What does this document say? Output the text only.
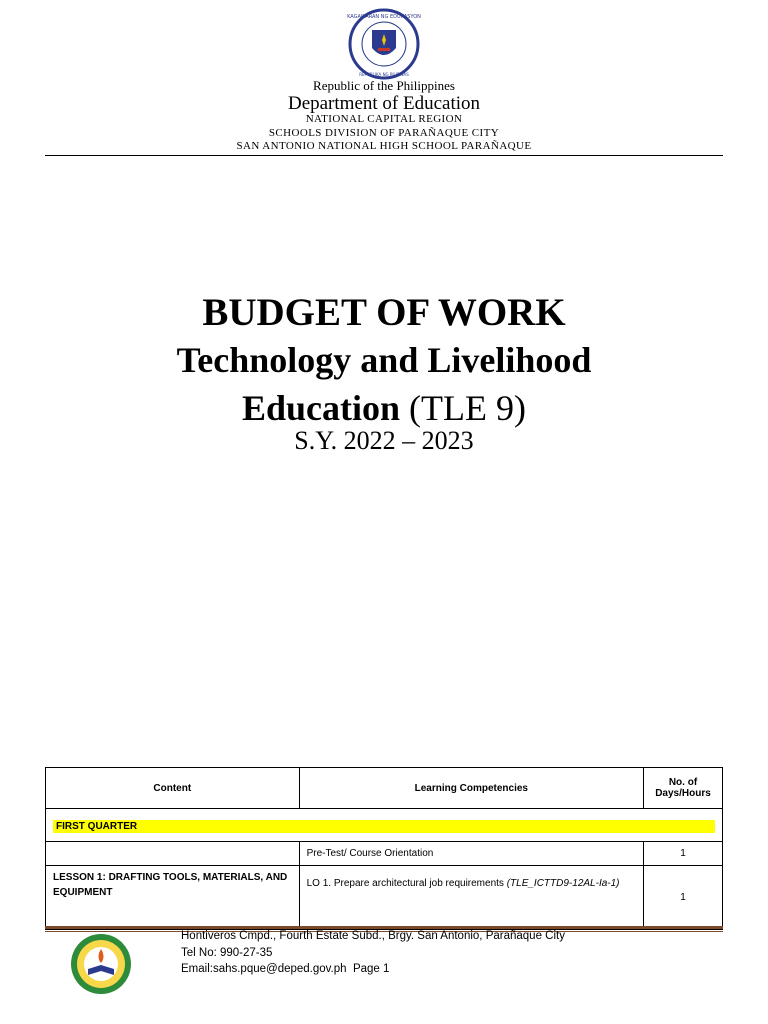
KAGAWARAN NG EDUKASYON
REPUBLIKA NG PILIPINAS
Republic of the Philippines
Department of Education
NATIONAL CAPITAL REGION
SCHOOLS DIVISION OF PARAÑAQUE CITY
SAN ANTONIO NATIONAL HIGH SCHOOL PARAÑAQUE
BUDGET OF WORK
Technology and Livelihood
Education (TLE 9)
S.Y. 2022 – 2023
Content	Learning Competencies	No. of Days/Hours

FIRST QUARTER		

	Pre-Test/ Course Orientation	1
LESSON 1: DRAFTING TOOLS, MATERIALS, AND EQUIPMENT	LO 1. Prepare architectural job requirements (TLE_ICTTD9-12AL-Ia-1)	1
Hontiveros Cmpd., Fourth Estate Subd., Brgy. San Antonio, Parañaque City
Tel No: 990-27-35
Email:sahs.pque@deped.gov.ph Page 1
